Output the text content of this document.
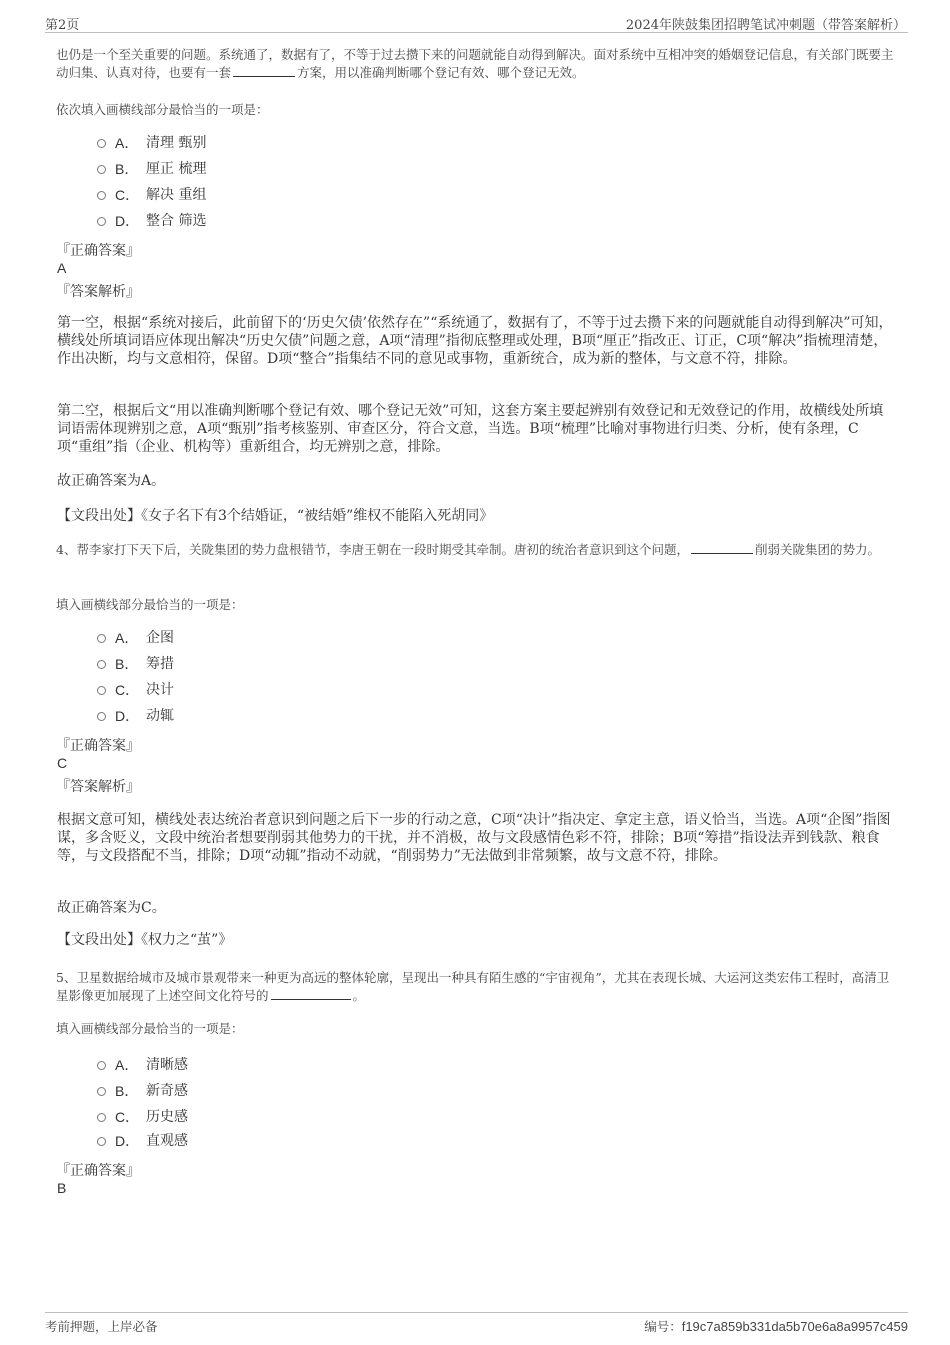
第2页	2024年陕鼓集团招聘笔试冲刺题（带答案解析）
也仍是一个至关重要的问题。系统通了，数据有了，不等于过去攒下来的问题就能自动得到解决。面对系统中互相冲突的婚姻登记信息，有关部门既要主动归集、认真对待，也要有一套	方案，用以准确判断哪个登记有效、哪个登记无效。
依次填入画横线部分最恰当的一项是：
A． 清理 甄别
B． 厘正 梳理
C． 解决 重组
D． 整合 筛选
『正确答案』
A
『答案解析』
第一空，根据“系统对接后，此前留下的‘历史欠债’依然存在”“系统通了，数据有了，不等于过去攒下来的问题就能自动得到解决”可知，横线处所填词语应体现出解决“历史欠债”问题之意，A项“清理”指彻底整理或处理，B项“厘正”指改正、订正，C项“解决”指梳理清楚，作出决断，均与文意相符，保留。D项“整合”指集结不同的意见或事物，重新统合，成为新的整体，与文意不符，排除。
第二空，根据后文“用以准确判断哪个登记有效、哪个登记无效”可知，这套方案主要起辨别有效登记和无效登记的作用，故横线处所填词语需体现辨别之意，A项“甄别”指考核鉴别、审查区分，符合文意，当选。B项“梳理”比喻对事物进行归类、分析，使有条理，C项“重组”指（企业、机构等）重新组合，均无辨别之意，排除。
故正确答案为A。
【文段出处】《女子名下有3个结婚证，“被结婚”维权不能陷入死胡同》
4、帮李家打下天下后，关陇集团的势力盘根错节，李唐王朝在一段时期受其牵制。唐初的统治者意识到这个问题，	削弱关陇集团的势力。
填入画横线部分最恰当的一项是：
A． 企图
B． 筹措
C． 决计
D． 动辄
『正确答案』
C
『答案解析』
根据文意可知，横线处表达统治者意识到问题之后下一步的行动之意，C项“决计”指决定、拿定主意，语义恰当，当选。A项“企图”指图谋，多含贬义，文段中统治者想要削弱其他势力的干扰，并不消极，故与文段感情色彩不符，排除；B项“筹措”指设法弄到钱款、粮食等，与文段搭配不当，排除；D项“动辄”指动不动就，“削弱势力”无法做到非常频繁，故与文意不符，排除。
故正确答案为C。
【文段出处】《权力之“茧”》
5、卫星数据给城市及城市景观带来一种更为高远的整体轮廓，呈现出一种具有陌生感的“宇宙视角”，尤其在表现长城、大运河这类宏伟工程时，高清卫星影像更加展现了上述空间文化符号的	。
填入画横线部分最恰当的一项是：
A． 清晰感
B． 新奇感
C． 历史感
D． 直观感
『正确答案』
B
考前押题，上岸必备	编号：f19c7a859b331da5b70e6a8a9957c459
